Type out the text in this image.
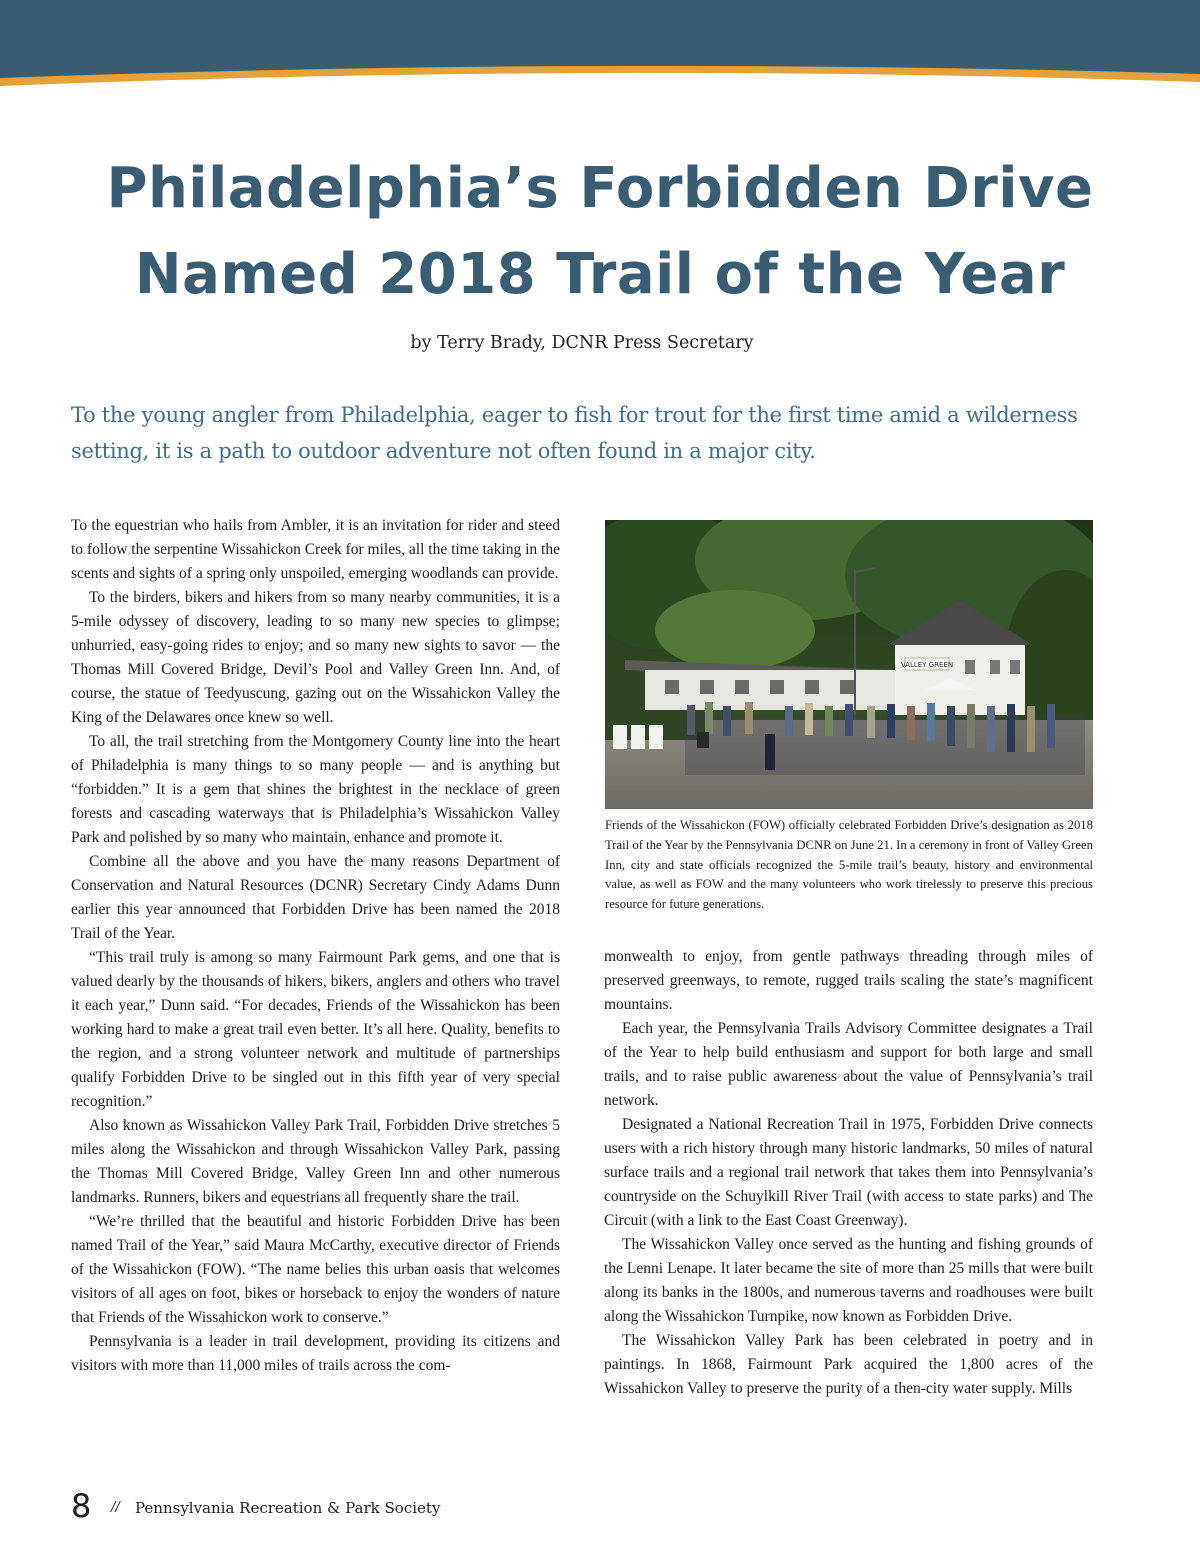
Philadelphia’s Forbidden Drive
Named 2018 Trail of the Year

by Terry Brady, DCNR Press Secretary

To the young angler from Philadelphia, eager to fish for trout for the first time amid a wilderness setting, it is a path to outdoor adventure not often found in a major city.

To the equestrian who hails from Ambler, it is an invitation for rider and steed to follow the serpentine Wissahickon Creek for miles, all the time taking in the scents and sights of a spring only unspoiled, emerging woodlands can provide.

To the birders, bikers and hikers from so many nearby communities, it is a 5-mile odyssey of discovery, leading to so many new species to glimpse; unhurried, easy-going rides to enjoy; and so many new sights to savor — the Thomas Mill Covered Bridge, Devil’s Pool and Valley Green Inn. And, of course, the statue of Teedyuscung, gazing out on the Wissahickon Valley the King of the Delawares once knew so well.

To all, the trail stretching from the Montgomery County line into the heart of Philadelphia is many things to so many people — and is anything but “forbidden.” It is a gem that shines the brightest in the necklace of green forests and cascading waterways that is Philadelphia’s Wissahickon Valley Park and polished by so many who maintain, enhance and promote it.

Combine all the above and you have the many reasons Department of Conservation and Natural Resources (DCNR) Secretary Cindy Adams Dunn earlier this year announced that Forbidden Drive has been named the 2018 Trail of the Year.

“This trail truly is among so many Fairmount Park gems, and one that is valued dearly by the thousands of hikers, bikers, anglers and others who travel it each year,” Dunn said. “For decades, Friends of the Wissahickon has been working hard to make a great trail even better. It’s all here. Quality, benefits to the region, and a strong volunteer network and multitude of partnerships qualify Forbidden Drive to be singled out in this fifth year of very special recognition.”

Also known as Wissahickon Valley Park Trail, Forbidden Drive stretches 5 miles along the Wissahickon and through Wissahickon Valley Park, passing the Thomas Mill Covered Bridge, Valley Green Inn and other numerous landmarks. Runners, bikers and equestrians all frequently share the trail.

“We’re thrilled that the beautiful and historic Forbidden Drive has been named Trail of the Year,” said Maura McCarthy, executive director of Friends of the Wissahickon (FOW). “The name belies this urban oasis that welcomes visitors of all ages on foot, bikes or horseback to enjoy the wonders of nature that Friends of the Wissahickon work to conserve.”

Pennsylvania is a leader in trail development, providing its citizens and visitors with more than 11,000 miles of trails across the com-

VALLEY GREEN

Friends of the Wissahickon (FOW) officially celebrated Forbidden Drive’s designation as 2018 Trail of the Year by the Pennsylvania DCNR on June 21. In a ceremony in front of Valley Green Inn, city and state officials recognized the 5-mile trail’s beauty, history and environmental value, as well as FOW and the many volunteers who work tirelessly to preserve this precious resource for future generations.

monwealth to enjoy, from gentle pathways threading through miles of preserved greenways, to remote, rugged trails scaling the state’s magnificent mountains.

Each year, the Pennsylvania Trails Advisory Committee designates a Trail of the Year to help build enthusiasm and support for both large and small trails, and to raise public awareness about the value of Pennsylvania’s trail network.

Designated a National Recreation Trail in 1975, Forbidden Drive connects users with a rich history through many historic landmarks, 50 miles of natural surface trails and a regional trail network that takes them into Pennsylvania’s countryside on the Schuylkill River Trail (with access to state parks) and The Circuit (with a link to the East Coast Greenway).

The Wissahickon Valley once served as the hunting and fishing grounds of the Lenni Lenape. It later became the site of more than 25 mills that were built along its banks in the 1800s, and numerous taverns and roadhouses were built along the Wissahickon Turnpike, now known as Forbidden Drive.

The Wissahickon Valley Park has been celebrated in poetry and in paintings. In 1868, Fairmount Park acquired the 1,800 acres of the Wissahickon Valley to preserve the purity of a then-city water supply. Mills

8 // Pennsylvania Recreation & Park Society
